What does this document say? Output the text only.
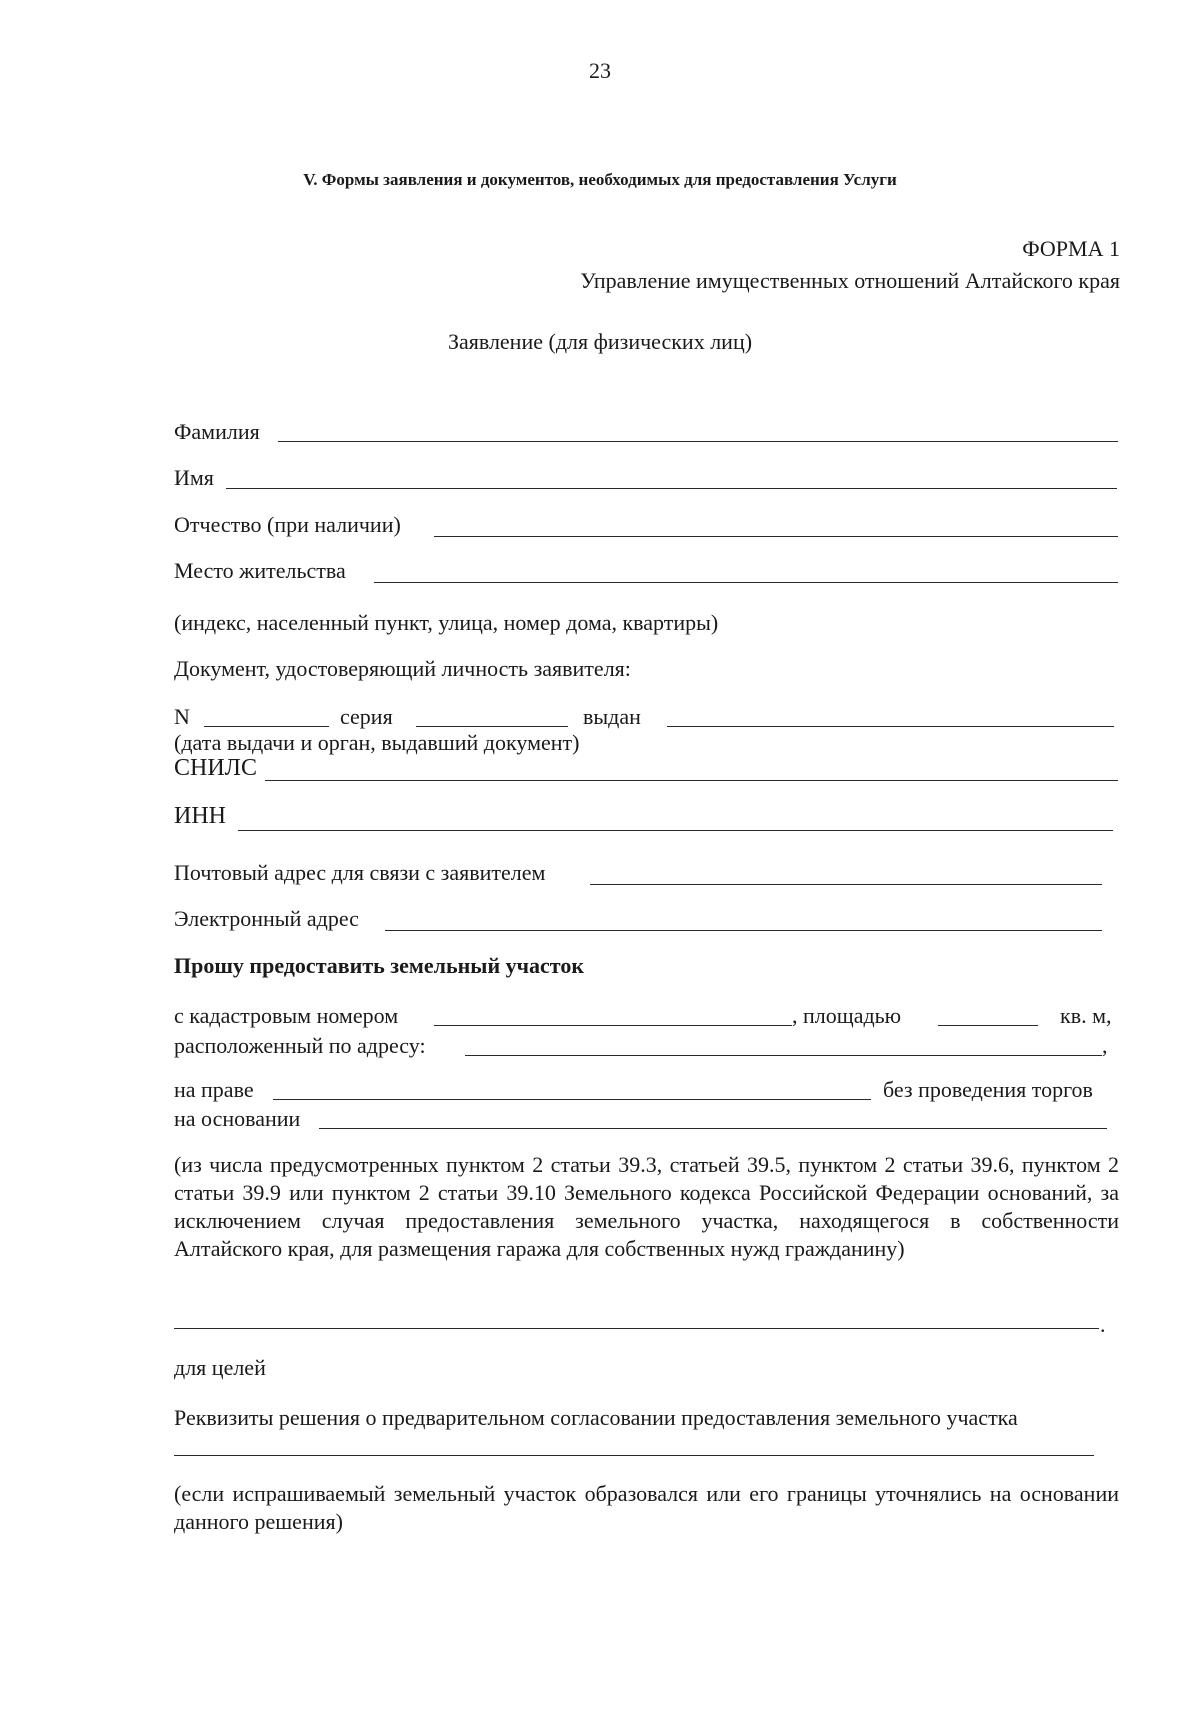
23
V. Формы заявления и документов, необходимых для предоставления Услуги
ФОРМА 1
Управление имущественных отношений Алтайского края
Заявление (для физических лиц)
Фамилия
Имя
Отчество (при наличии)
Место жительства
(индекс, населенный пункт, улица, номер дома, квартиры)
Документ, удостоверяющий личность заявителя:
N	серия	выдан
(дата выдачи и орган, выдавший документ)
СНИЛС
ИНН
Почтовый адрес для связи с заявителем
Электронный адрес
Прошу предоставить земельный участок
с кадастровым номером	, площадью	кв. м,
расположенный по адресу:	,
на праве	без проведения торгов
на основании
(из числа предусмотренных пунктом 2 статьи 39.3, статьей 39.5, пунктом 2 статьи 39.6, пунктом 2 статьи 39.9 или пунктом 2 статьи 39.10 Земельного кодекса Российской Федерации оснований, за исключением случая предоставления земельного участка, находящегося в собственности Алтайского края, для размещения гаража для собственных нужд гражданину)
.
для целей
Реквизиты решения о предварительном согласовании предоставления земельного участка
(если испрашиваемый земельный участок образовался или его границы уточнялись на основании данного решения)
